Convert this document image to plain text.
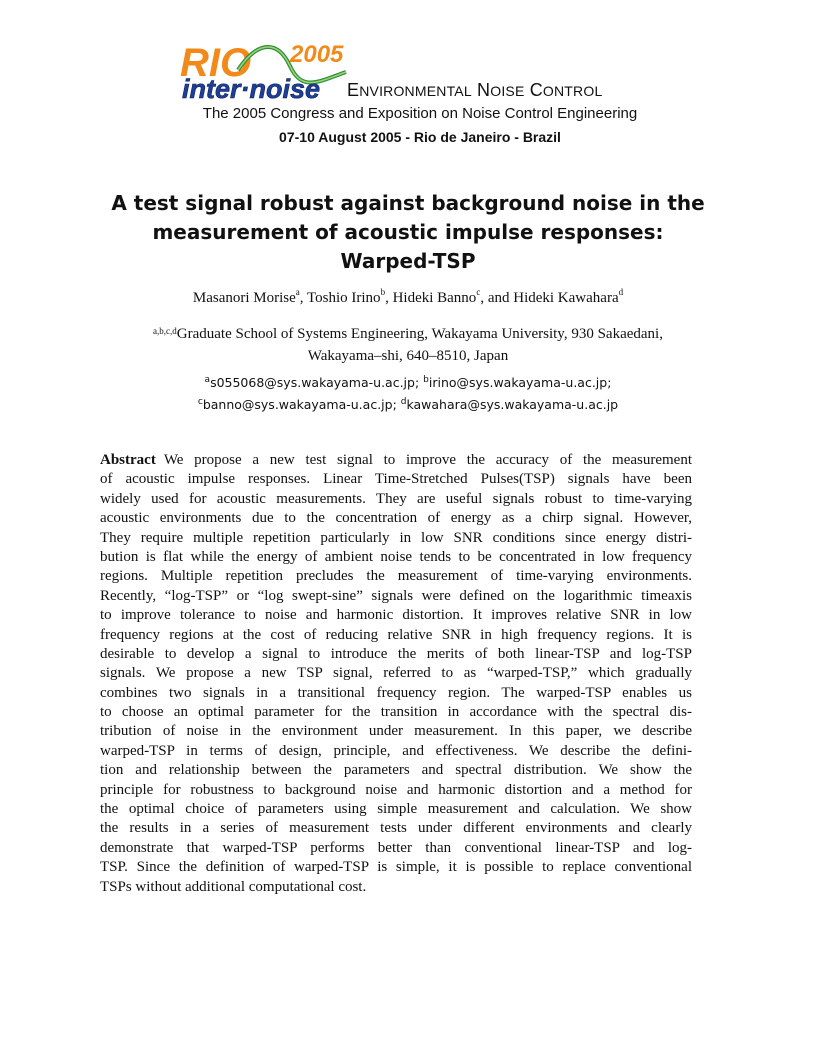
RIO 2005
inter·noise ENVIRONMENTAL NOISE CONTROL
The 2005 Congress and Exposition on Noise Control Engineering
07-10 August 2005 - Rio de Janeiro - Brazil
A test signal robust against background noise in the
measurement of acoustic impulse responses:
Warped-TSP
Masanori Morise$^a$, Toshio Irino$^b$, Hideki Banno$^c$, and Hideki Kawahara$^d$
$^{a,b,c,d}$Graduate School of Systems Engineering, Wakayama University, 930 Sakaedani,
Wakayama–shi, 640–8510, Japan
$^a$s055068@sys.wakayama-u.ac.jp; $^b$irino@sys.wakayama-u.ac.jp;
$^c$banno@sys.wakayama-u.ac.jp; $^d$kawahara@sys.wakayama-u.ac.jp
Abstract We propose a new test signal to improve the accuracy of the measurement
of acoustic impulse responses. Linear Time-Stretched Pulses(TSP) signals have been
widely used for acoustic measurements. They are useful signals robust to time-varying
acoustic environments due to the concentration of energy as a chirp signal. However,
They require multiple repetition particularly in low SNR conditions since energy distri-
bution is flat while the energy of ambient noise tends to be concentrated in low frequency
regions. Multiple repetition precludes the measurement of time-varying environments.
Recently, “log-TSP” or “log swept-sine” signals were defined on the logarithmic timeaxis
to improve tolerance to noise and harmonic distortion. It improves relative SNR in low
frequency regions at the cost of reducing relative SNR in high frequency regions. It is
desirable to develop a signal to introduce the merits of both linear-TSP and log-TSP
signals. We propose a new TSP signal, referred to as “warped-TSP,” which gradually
combines two signals in a transitional frequency region. The warped-TSP enables us
to choose an optimal parameter for the transition in accordance with the spectral dis-
tribution of noise in the environment under measurement. In this paper, we describe
warped-TSP in terms of design, principle, and effectiveness. We describe the defini-
tion and relationship between the parameters and spectral distribution. We show the
principle for robustness to background noise and harmonic distortion and a method for
the optimal choice of parameters using simple measurement and calculation. We show
the results in a series of measurement tests under different environments and clearly
demonstrate that warped-TSP performs better than conventional linear-TSP and log-
TSP. Since the definition of warped-TSP is simple, it is possible to replace conventional
TSPs without additional computational cost.
